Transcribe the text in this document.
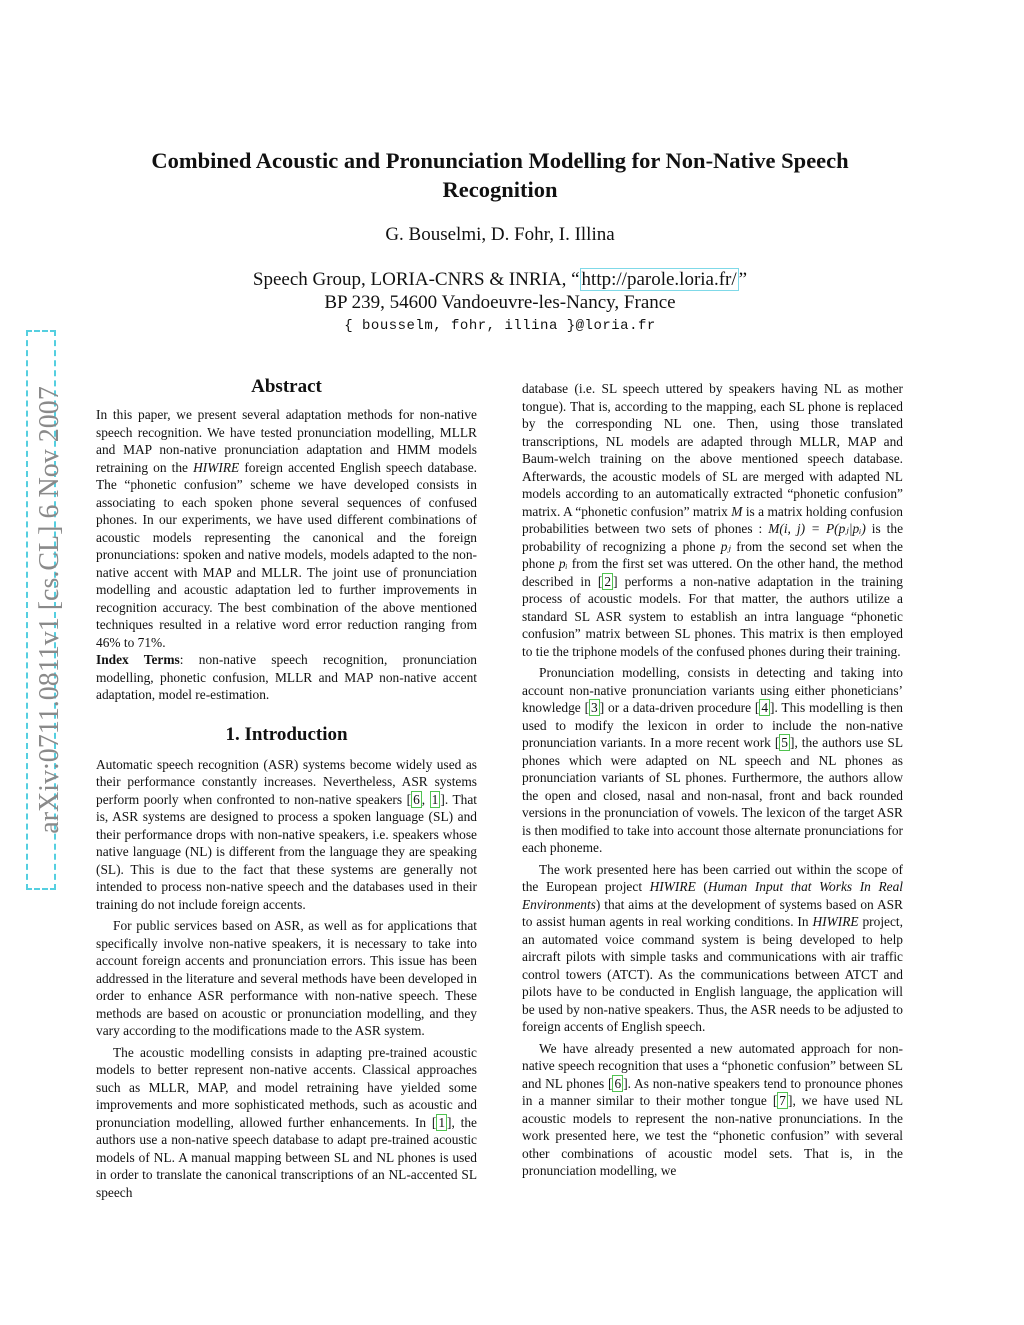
arXiv:0711.0811v1 [cs.CL] 6 Nov 2007
Combined Acoustic and Pronunciation Modelling for Non-Native Speech Recognition
G. Bouselmi, D. Fohr, I. Illina
Speech Group, LORIA-CNRS & INRIA, “ http://parole.loria.fr/ ”
BP 239, 54600 Vandoeuvre-les-Nancy, France
{ bousselm, fohr, illina }@loria.fr
Abstract

In this paper, we present several adaptation methods for non-native speech recognition. We have tested pronunciation modelling, MLLR and MAP non-native pronunciation adaptation and HMM models retraining on the HIWIRE foreign accented English speech database. The “phonetic confusion” scheme we have developed consists in associating to each spoken phone several sequences of confused phones. In our experiments, we have used different combinations of acoustic models representing the canonical and the foreign pronunciations: spoken and native models, models adapted to the non-native accent with MAP and MLLR. The joint use of pronunciation modelling and acoustic adaptation led to further improvements in recognition accuracy. The best combination of the above mentioned techniques resulted in a relative word error reduction ranging from 46% to 71%.

Index Terms: non-native speech recognition, pronunciation modelling, phonetic confusion, MLLR and MAP non-native accent adaptation, model re-estimation.

1. Introduction

Automatic speech recognition (ASR) systems become widely used as their performance constantly increases. Nevertheless, ASR systems perform poorly when confronted to non-native speakers [ 6 , 1 ]. That is, ASR systems are designed to process a spoken language (SL) and their performance drops with non-native speakers, i.e. speakers whose native language (NL) is different from the language they are speaking (SL). This is due to the fact that these systems are generally not intended to process non-native speech and the databases used in their training do not include foreign accents.

For public services based on ASR, as well as for applications that specifically involve non-native speakers, it is necessary to take into account foreign accents and pronunciation errors. This issue has been addressed in the literature and several methods have been developed in order to enhance ASR performance with non-native speech. These methods are based on acoustic or pronunciation modelling, and they vary according to the modifications made to the ASR system.

The acoustic modelling consists in adapting pre-trained acoustic models to better represent non-native accents. Classical approaches such as MLLR, MAP, and model retraining have yielded some improvements and more sophisticated methods, such as acoustic and pronunciation modelling, allowed further enhancements. In [ 1 ], the authors use a non-native speech database to adapt pre-trained acoustic models of NL. A manual mapping between SL and NL phones is used in order to translate the canonical transcriptions of an NL-accented SL speech

database (i.e. SL speech uttered by speakers having NL as mother tongue). That is, according to the mapping, each SL phone is replaced by the corresponding NL one. Then, using those translated transcriptions, NL models are adapted through MLLR, MAP and Baum-welch training on the above mentioned speech database. Afterwards, the acoustic models of SL are merged with adapted NL models according to an automatically extracted “phonetic confusion” matrix. A “phonetic confusion” matrix M is a matrix holding confusion probabilities between two sets of phones : M(i, j) = P(pⱼ|pᵢ) is the probability of recognizing a phone pⱼ from the second set when the phone pᵢ from the first set was uttered. On the other hand, the method described in [ 2 ] performs a non-native adaptation in the training process of acoustic models. For that matter, the authors utilize a standard SL ASR system to establish an intra language “phonetic confusion” matrix between SL phones. This matrix is then employed to tie the triphone models of the confused phones during their training.

Pronunciation modelling, consists in detecting and taking into account non-native pronunciation variants using either phoneticians’ knowledge [ 3 ] or a data-driven procedure [ 4 ]. This modelling is then used to modify the lexicon in order to include the non-native pronunciation variants. In a more recent work [ 5 ], the authors use SL phones which were adapted on NL speech and NL phones as pronunciation variants of SL phones. Furthermore, the authors allow the open and closed, nasal and non-nasal, front and back rounded versions in the pronunciation of vowels. The lexicon of the target ASR is then modified to take into account those alternate pronunciations for each phoneme.

The work presented here has been carried out within the scope of the European project HIWIRE (Human Input that Works In Real Environments) that aims at the development of systems based on ASR to assist human agents in real working conditions. In HIWIRE project, an automated voice command system is being developed to help aircraft pilots with simple tasks and communications with air traffic control towers (ATCT). As the communications between ATCT and pilots have to be conducted in English language, the application will be used by non-native speakers. Thus, the ASR needs to be adjusted to foreign accents of English speech.

We have already presented a new automated approach for non-native speech recognition that uses a “phonetic confusion” between SL and NL phones [ 6 ]. As non-native speakers tend to pronounce phones in a manner similar to their mother tongue [ 7 ], we have used NL acoustic models to represent the non-native pronunciations. In the work presented here, we test the “phonetic confusion” with several other combinations of acoustic model sets. That is, in the pronunciation modelling, we
